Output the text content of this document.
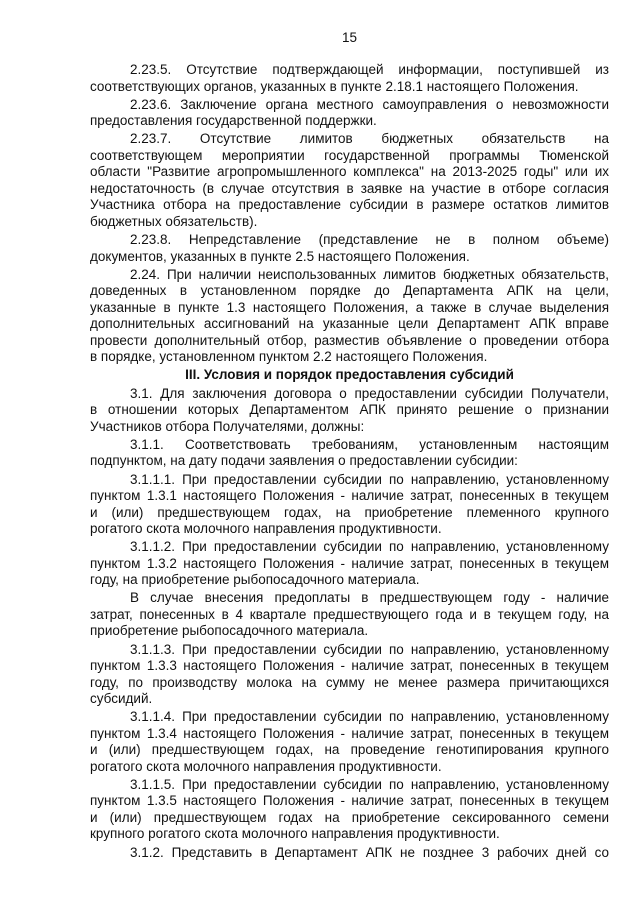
15
2.23.5. Отсутствие подтверждающей информации, поступившей из
соответствующих органов, указанных в пункте 2.18.1 настоящего Положения.
2.23.6. Заключение органа местного самоуправления о невозможности
предоставления государственной поддержки.
2.23.7. Отсутствие лимитов бюджетных обязательств на
соответствующем мероприятии государственной программы Тюменской
области "Развитие агропромышленного комплекса" на 2013-2025 годы" или их
недостаточность (в случае отсутствия в заявке на участие в отборе согласия
Участника отбора на предоставление субсидии в размере остатков лимитов
бюджетных обязательств).
2.23.8. Непредставление (представление не в полном объеме)
документов, указанных в пункте 2.5 настоящего Положения.
2.24. При наличии неиспользованных лимитов бюджетных обязательств,
доведенных в установленном порядке до Департамента АПК на цели,
указанные в пункте 1.3 настоящего Положения, а также в случае выделения
дополнительных ассигнований на указанные цели Департамент АПК вправе
провести дополнительный отбор, разместив объявление о проведении отбора
в порядке, установленном пунктом 2.2 настоящего Положения.
III. Условия и порядок предоставления субсидий
3.1. Для заключения договора о предоставлении субсидии Получатели,
в отношении которых Департаментом АПК принято решение о признании
Участников отбора Получателями, должны:
3.1.1. Соответствовать требованиям, установленным настоящим
подпунктом, на дату подачи заявления о предоставлении субсидии:
3.1.1.1. При предоставлении субсидии по направлению, установленному
пунктом 1.3.1 настоящего Положения - наличие затрат, понесенных в текущем
и (или) предшествующем годах, на приобретение племенного крупного
рогатого скота молочного направления продуктивности.
3.1.1.2. При предоставлении субсидии по направлению, установленному
пунктом 1.3.2 настоящего Положения - наличие затрат, понесенных в текущем
году, на приобретение рыбопосадочного материала.
В случае внесения предоплаты в предшествующем году - наличие
затрат, понесенных в 4 квартале предшествующего года и в текущем году, на
приобретение рыбопосадочного материала.
3.1.1.3. При предоставлении субсидии по направлению, установленному
пунктом 1.3.3 настоящего Положения - наличие затрат, понесенных в текущем
году, по производству молока на сумму не менее размера причитающихся
субсидий.
3.1.1.4. При предоставлении субсидии по направлению, установленному
пунктом 1.3.4 настоящего Положения - наличие затрат, понесенных в текущем
и (или) предшествующем годах, на проведение генотипирования крупного
рогатого скота молочного направления продуктивности.
3.1.1.5. При предоставлении субсидии по направлению, установленному
пунктом 1.3.5 настоящего Положения - наличие затрат, понесенных в текущем
и (или) предшествующем годах на приобретение сексированного семени
крупного рогатого скота молочного направления продуктивности.
3.1.2. Представить в Департамент АПК не позднее 3 рабочих дней со
